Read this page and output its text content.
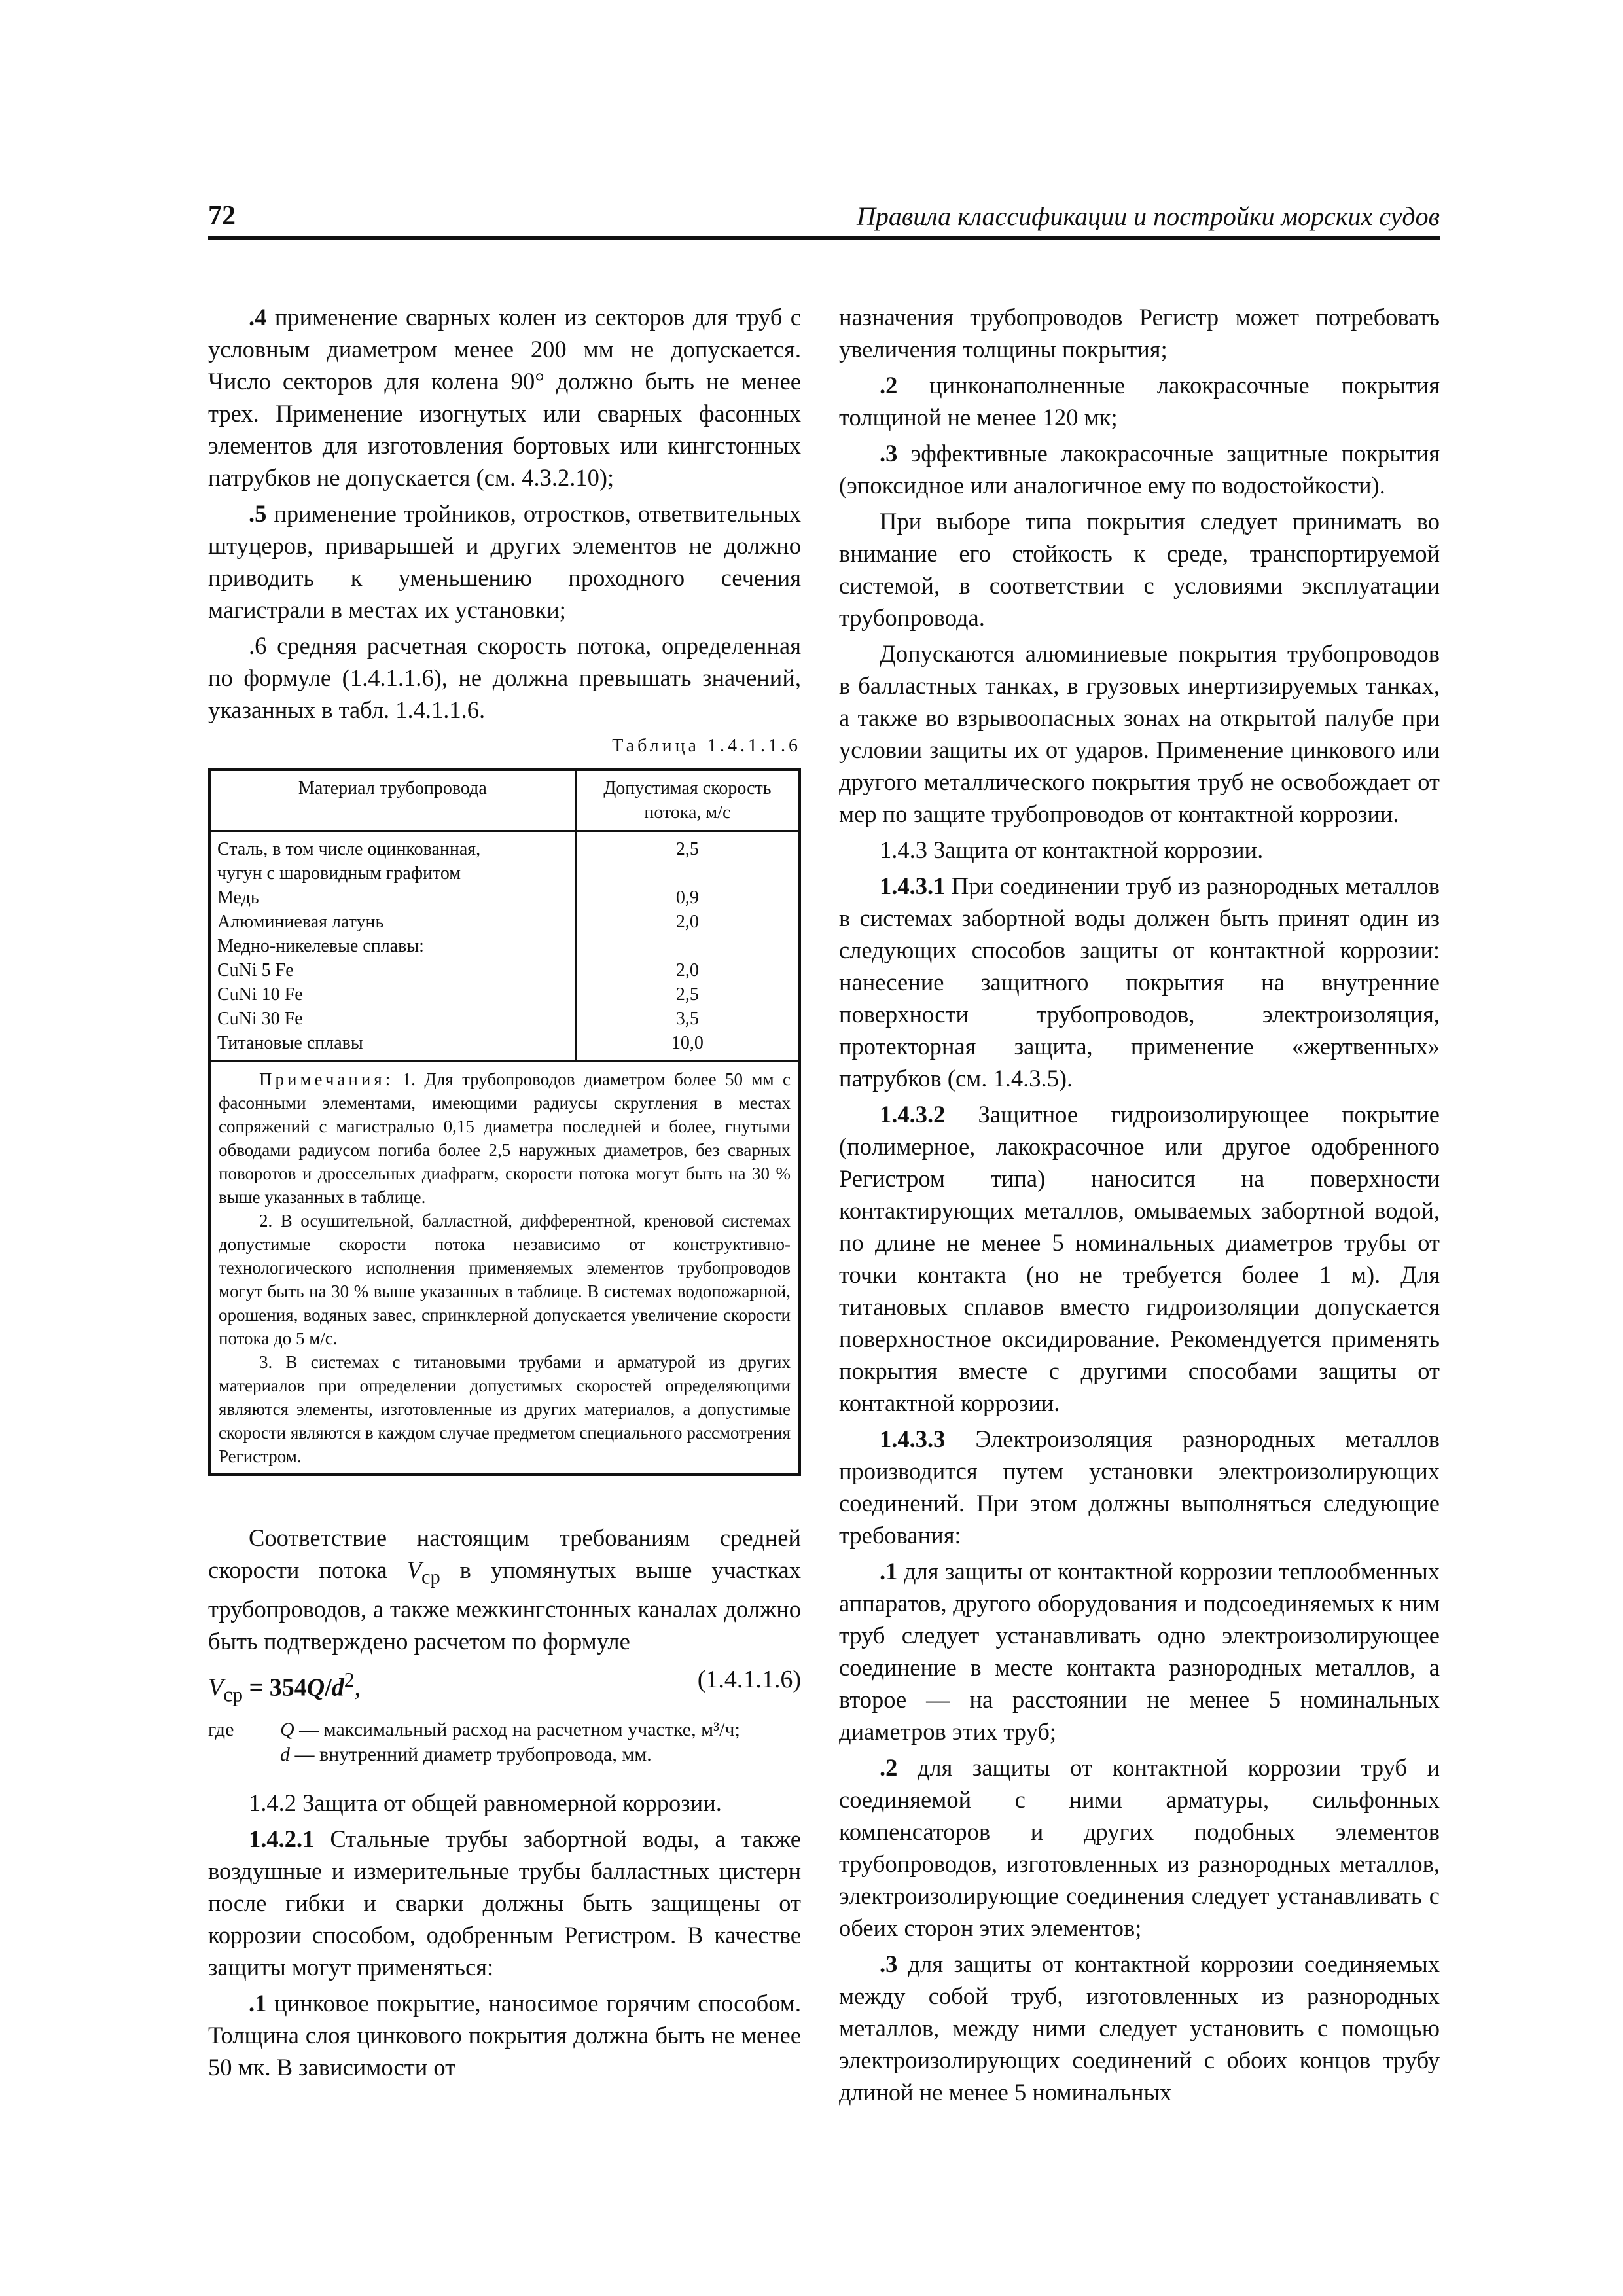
72	Правила классификации и постройки морских судов

.4 применение сварных колен из секторов для труб с условным диаметром менее 200 мм не допускается. Число секторов для колена 90° должно быть не менее трех. Применение изогнутых или сварных фасонных элементов для изготовления бортовых или кингстонных патрубков не допускается (см. 4.3.2.10);

.5 применение тройников, отростков, ответвительных штуцеров, приварышей и других элементов не должно приводить к уменьшению проходного сечения магистрали в местах их установки;

.6 средняя расчетная скорость потока, определенная по формуле (1.4.1.1.6), не должна превышать значений, указанных в табл. 1.4.1.1.6.

Таблица 1.4.1.1.6
Материал трубопровода	Допустимая скорость потока, м/с
Сталь, в том числе оцинкованная,	2,5
чугун с шаровидным графитом	
Медь	0,9
Алюминиевая латунь	2,0
Медно-никелевые сплавы:	
CuNi 5 Fe	2,0
CuNi 10 Fe	2,5
CuNi 30 Fe	3,5
Титановые сплавы	10,0

Примечания: 1. Для трубопроводов диаметром более 50 мм с фасонными элементами, имеющими радиусы скругления в местах сопряжений с магистралью 0,15 диаметра последней и более, гнутыми обводами радиусом погиба более 2,5 наружных диаметров, без сварных поворотов и дроссельных диафрагм, скорости потока могут быть на 30 % выше указанных в таблице.

2. В осушительной, балластной, дифферентной, креновой системах допустимые скорости потока независимо от конструктивно-технологического исполнения применяемых элементов трубопроводов могут быть на 30 % выше указанных в таблице. В системах водопожарной, орошения, водяных завес, спринклерной допускается увеличение скорости потока до 5 м/с.

3. В системах с титановыми трубами и арматурой из других материалов при определении допустимых скоростей определяющими являются элементы, изготовленные из других материалов, а допустимые скорости являются в каждом случае предметом специального рассмотрения Регистром.	

Соответствие настоящим требованиям средней скорости потока $V_{ср}$ в упомянутых выше участках трубопроводов, а также межкингстонных каналах должно быть подтверждено расчетом по формуле

$V_{ср} = 354Q/d^2$,	(1.4.1.1.6)
где	Q — максимальный расход на расчетном участке, м³/ч;
d — внутренний диаметр трубопровода, мм.

1.4.2 Защита от общей равномерной коррозии.

1.4.2.1 Стальные трубы забортной воды, а также воздушные и измерительные трубы балластных цистерн после гибки и сварки должны быть защищены от коррозии способом, одобренным Регистром. В качестве защиты могут применяться:

.1 цинковое покрытие, наносимое горячим способом. Толщина слоя цинкового покрытия должна быть не менее 50 мк. В зависимости от

назначения трубопроводов Регистр может потребовать увеличения толщины покрытия;

.2 цинконаполненные лакокрасочные покрытия толщиной не менее 120 мк;

.3 эффективные лакокрасочные защитные покрытия (эпоксидное или аналогичное ему по водостойкости).

При выборе типа покрытия следует принимать во внимание его стойкость к среде, транспортируемой системой, в соответствии с условиями эксплуатации трубопровода.

Допускаются алюминиевые покрытия трубопроводов в балластных танках, в грузовых инертизируемых танках, а также во взрывоопасных зонах на открытой палубе при условии защиты их от ударов. Применение цинкового или другого металлического покрытия труб не освобождает от мер по защите трубопроводов от контактной коррозии.

1.4.3 Защита от контактной коррозии.

1.4.3.1 При соединении труб из разнородных металлов в системах забортной воды должен быть принят один из следующих способов защиты от контактной коррозии: нанесение защитного покрытия на внутренние поверхности трубопроводов, электроизоляция, протекторная защита, применение «жертвенных» патрубков (см. 1.4.3.5).

1.4.3.2 Защитное гидроизолирующее покрытие (полимерное, лакокрасочное или другое одобренного Регистром типа) наносится на поверхности контактирующих металлов, омываемых забортной водой, по длине не менее 5 номинальных диаметров трубы от точки контакта (но не требуется более 1 м). Для титановых сплавов вместо гидроизоляции допускается поверхностное оксидирование. Рекомендуется применять покрытия вместе с другими способами защиты от контактной коррозии.

1.4.3.3 Электроизоляция разнородных металлов производится путем установки электроизолирующих соединений. При этом должны выполняться следующие требования:

.1 для защиты от контактной коррозии теплообменных аппаратов, другого оборудования и подсоединяемых к ним труб следует устанавливать одно электроизолирующее соединение в месте контакта разнородных металлов, а второе — на расстоянии не менее 5 номинальных диаметров этих труб;

.2 для защиты от контактной коррозии труб и соединяемой с ними арматуры, сильфонных компенсаторов и других подобных элементов трубопроводов, изготовленных из разнородных металлов, электроизолирующие соединения следует устанавливать с обеих сторон этих элементов;

.3 для защиты от контактной коррозии соединяемых между собой труб, изготовленных из разнородных металлов, между ними следует установить с помощью электроизолирующих соединений с обоих концов трубу длиной не менее 5 номинальных
